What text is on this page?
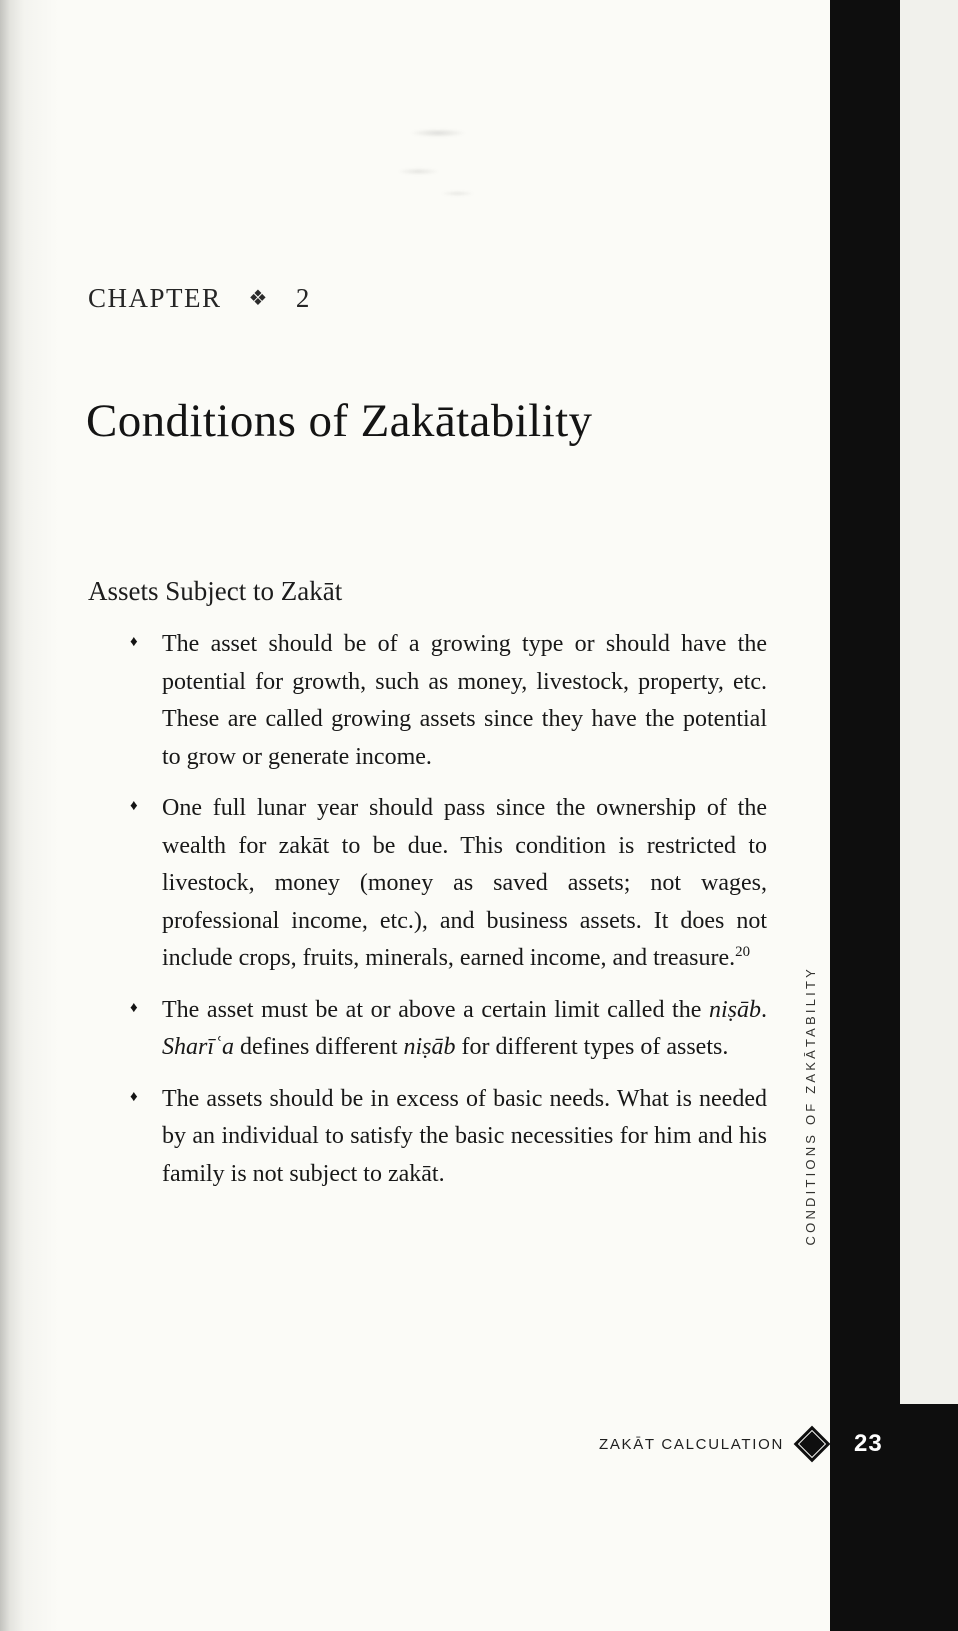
CHAPTER ❖ 2
Conditions of Zakātability
Assets Subject to Zakāt
♦	The asset should be of a growing type or should have the potential for growth, such as money, livestock, property, etc. These are called growing assets since they have the potential to grow or generate income.
♦	One full lunar year should pass since the ownership of the wealth for zakāt to be due. This condition is restricted to livestock, money (money as saved assets; not wages, professional income, etc.), and business assets. It does not include crops, fruits, minerals, earned income, and treasure.$^{20}$
♦	The asset must be at or above a certain limit called the niṣāb. Sharīʿa defines different niṣāb for different types of assets.
♦	The assets should be in excess of basic needs. What is needed by an individual to satisfy the basic necessities for him and his family is not subject to zakāt.	CONDITIONS OF ZAKĀTABILITY
ZAKĀT CALCULATION	23
